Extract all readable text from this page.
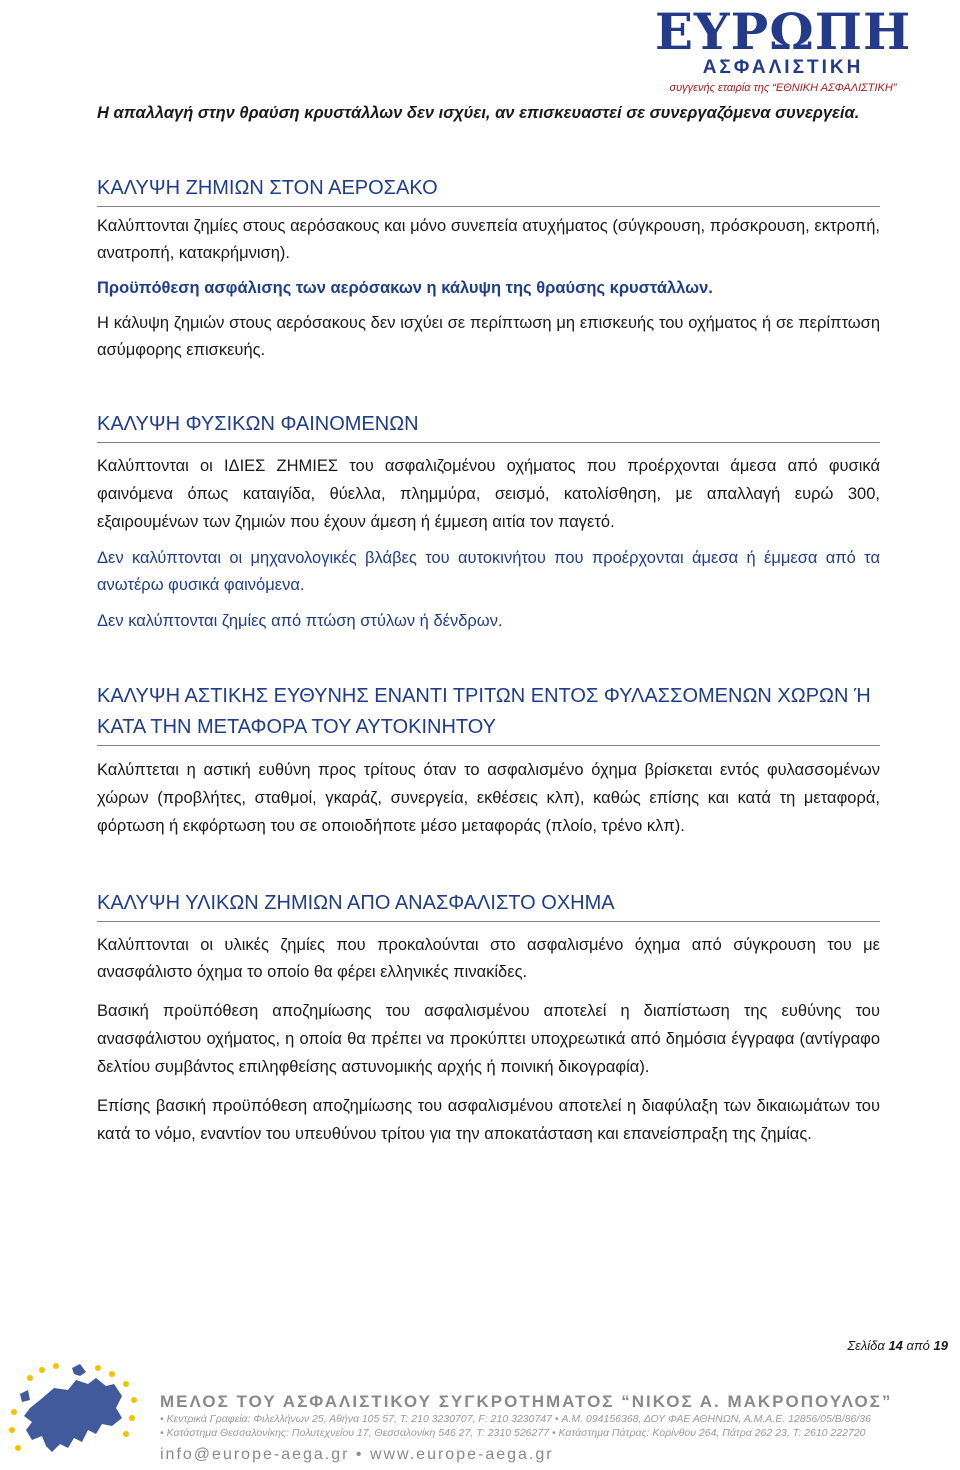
ΕΥΡΩΠΗ
ΑΣΦΑΛΙΣΤΙΚΗ
συγγενής εταιρία της “ΕΘΝΙΚΗ ΑΣΦΑΛΙΣΤΙΚΗ”

Η απαλλαγή στην θραύση κρυστάλλων δεν ισχύει, αν επισκευαστεί σε συνεργαζόμενα συνεργεία.

ΚΑΛΥΨΗ ΖΗΜΙΩΝ ΣΤΟΝ ΑΕΡΟΣΑΚΟ

Καλύπτονται ζημίες στους αερόσακους και μόνο συνεπεία ατυχήματος (σύγκρουση, πρόσκρουση, εκτροπή, ανατροπή, κατακρήμνιση).

Προϋπόθεση ασφάλισης των αερόσακων η κάλυψη της θραύσης κρυστάλλων.

Η κάλυψη ζημιών στους αερόσακους δεν ισχύει σε περίπτωση μη επισκευής του οχήματος ή σε περίπτωση ασύμφορης επισκευής.

ΚΑΛΥΨΗ ΦΥΣΙΚΩΝ ΦΑΙΝΟΜΕΝΩΝ

Καλύπτονται οι ΙΔΙΕΣ ΖΗΜΙΕΣ του ασφαλιζομένου οχήματος που προέρχονται άμεσα από φυσικά φαινόμενα όπως καταιγίδα, θύελλα, πλημμύρα, σεισμό, κατολίσθηση, με απαλλαγή ευρώ 300, εξαιρουμένων των ζημιών που έχουν άμεση ή έμμεση αιτία τον παγετό.

Δεν καλύπτονται οι μηχανολογικές βλάβες του αυτοκινήτου που προέρχονται άμεσα ή έμμεσα από τα ανωτέρω φυσικά φαινόμενα.

Δεν καλύπτονται ζημίες από πτώση στύλων ή δένδρων.

ΚΑΛΥΨΗ ΑΣΤΙΚΗΣ ΕΥΘΥΝΗΣ ΕΝΑΝΤΙ ΤΡΙΤΩΝ ΕΝΤΟΣ ΦΥΛΑΣΣΟΜΕΝΩΝ ΧΩΡΩΝ Ή ΚΑΤΑ ΤΗΝ ΜΕΤΑΦΟΡΑ ΤΟΥ ΑΥΤΟΚΙΝΗΤΟΥ

Καλύπτεται η αστική ευθύνη προς τρίτους όταν το ασφαλισμένο όχημα βρίσκεται εντός φυλασσομένων χώρων (προβλήτες, σταθμοί, γκαράζ, συνεργεία, εκθέσεις κλπ), καθώς επίσης και κατά τη μεταφορά, φόρτωση ή εκφόρτωση του σε οποιοδήποτε μέσο μεταφοράς (πλοίο, τρένο κλπ).

ΚΑΛΥΨΗ ΥΛΙΚΩΝ ΖΗΜΙΩΝ ΑΠΟ ΑΝΑΣΦΑΛΙΣΤΟ ΟΧΗΜΑ

Καλύπτονται οι υλικές ζημίες που προκαλούνται στο ασφαλισμένο όχημα από σύγκρουση του με ανασφάλιστο όχημα το οποίο θα φέρει ελληνικές πινακίδες.

Βασική προϋπόθεση αποζημίωσης του ασφαλισμένου αποτελεί η διαπίστωση της ευθύνης του ανασφάλιστου οχήματος, η οποία θα πρέπει να προκύπτει υποχρεωτικά από δημόσια έγγραφα (αντίγραφο δελτίου συμβάντος επιληφθείσης αστυνομικής αρχής ή ποινική δικογραφία).

Επίσης βασική προϋπόθεση αποζημίωσης του ασφαλισμένου αποτελεί η διαφύλαξη των δικαιωμάτων του κατά το νόμο, εναντίον του υπευθύνου τρίτου για την αποκατάσταση και επανείσπραξη της ζημίας.

Σελίδα 14 από 19
ΜΕΛΟΣ ΤΟΥ ΑΣΦΑΛΙΣΤΙΚΟΥ ΣΥΓΚΡΟΤΗΜΑΤΟΣ “ΝΙΚΟΣ Α. ΜΑΚΡΟΠΟΥΛΟΣ”
• Κεντρικά Γραφεία: Φιλελλήνων 25, Αθήνα 105 57, Τ: 210 3230707, F: 210 3230747 • Α.Μ. 094156368, ΔΟΥ ΦΑΕ ΑΘΗΝΩΝ, Α.Μ.Α.Ε. 12856/05/Β/86/36
• Κατάστημα Θεσσαλονίκης: Πολυτεχνείου 17, Θεσσαλονίκη 546 27, Τ: 2310 526277 • Κατάστημα Πάτρας: Κορίνθου 264, Πάτρα 262 23, Τ: 2610 222720
info@europe-aega.gr • www.europe-aega.gr
